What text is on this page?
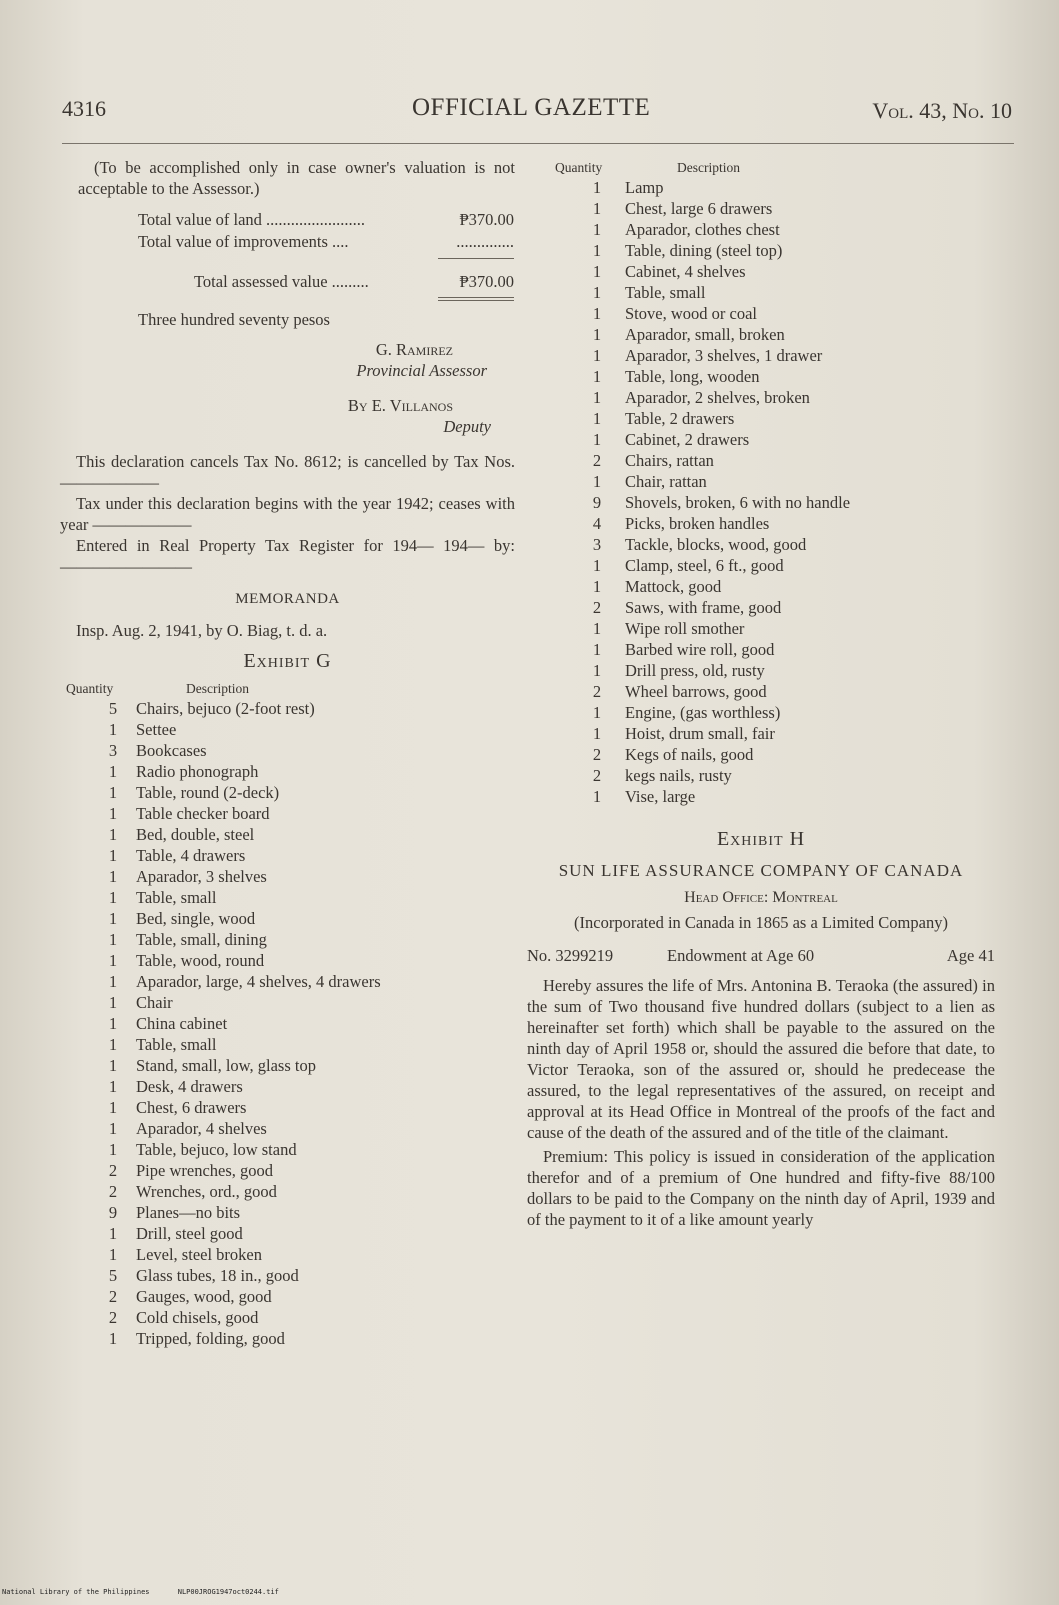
4316	OFFICIAL GAZETTE	Vol. 43, No. 10

(To be accomplished only in case owner's valuation is not acceptable to the Assessor.)

Total value of land ........................	₱370.00
Total value of improvements ....	..............
Total assessed value .........	₱370.00
Three hundred seventy pesos
G. Ramirez
Provincial Assessor
By E. Villanos
Deputy

This declaration cancels Tax No. 8612; is cancelled by Tax Nos. ——————

Tax under this declaration begins with the year 1942; ceases with year ——————

Entered in Real Property Tax Register for 194— 194— by: ————————

MEMORANDA

Insp. Aug. 2, 1941, by O. Biag, t. d. a.

Exhibit G
Quantity	Description
5	Chairs, bejuco (2-foot rest)
1	Settee
3	Bookcases
1	Radio phonograph
1	Table, round (2-deck)
1	Table checker board
1	Bed, double, steel
1	Table, 4 drawers
1	Aparador, 3 shelves
1	Table, small
1	Bed, single, wood
1	Table, small, dining
1	Table, wood, round
1	Aparador, large, 4 shelves, 4 drawers
1	Chair
1	China cabinet
1	Table, small
1	Stand, small, low, glass top
1	Desk, 4 drawers
1	Chest, 6 drawers
1	Aparador, 4 shelves
1	Table, bejuco, low stand
2	Pipe wrenches, good
2	Wrenches, ord., good
9	Planes—no bits
1	Drill, steel good
1	Level, steel broken
5	Glass tubes, 18 in., good
2	Gauges, wood, good
2	Cold chisels, good
1	Tripped, folding, good
Quantity	Description
1	Lamp
1	Chest, large 6 drawers
1	Aparador, clothes chest
1	Table, dining (steel top)
1	Cabinet, 4 shelves
1	Table, small
1	Stove, wood or coal
1	Aparador, small, broken
1	Aparador, 3 shelves, 1 drawer
1	Table, long, wooden
1	Aparador, 2 shelves, broken
1	Table, 2 drawers
1	Cabinet, 2 drawers
2	Chairs, rattan
1	Chair, rattan
9	Shovels, broken, 6 with no handle
4	Picks, broken handles
3	Tackle, blocks, wood, good
1	Clamp, steel, 6 ft., good
1	Mattock, good
2	Saws, with frame, good
1	Wipe roll smother
1	Barbed wire roll, good
1	Drill press, old, rusty
2	Wheel barrows, good
1	Engine, (gas worthless)
1	Hoist, drum small, fair
2	Kegs of nails, good
2	kegs nails, rusty
1	Vise, large
Exhibit H
SUN LIFE ASSURANCE COMPANY OF CANADA
Head Office: Montreal
(Incorporated in Canada in 1865 as a Limited Company)
No. 3299219	Endowment at Age 60	Age 41

Hereby assures the life of Mrs. Antonina B. Teraoka (the assured) in the sum of Two thousand five hundred dollars (subject to a lien as hereinafter set forth) which shall be payable to the assured on the ninth day of April 1958 or, should the assured die before that date, to Victor Teraoka, son of the assured or, should he predecease the assured, to the legal representatives of the assured, on receipt and approval at its Head Office in Montreal of the proofs of the fact and cause of the death of the assured and of the title of the claimant.

Premium: This policy is issued in consideration of the application therefor and of a premium of One hundred and fifty-five 88/100 dollars to be paid to the Company on the ninth day of April, 1939 and of the payment to it of a like amount yearly

National Library of the Philippines	NLP00JROG1947oct0244.tif
